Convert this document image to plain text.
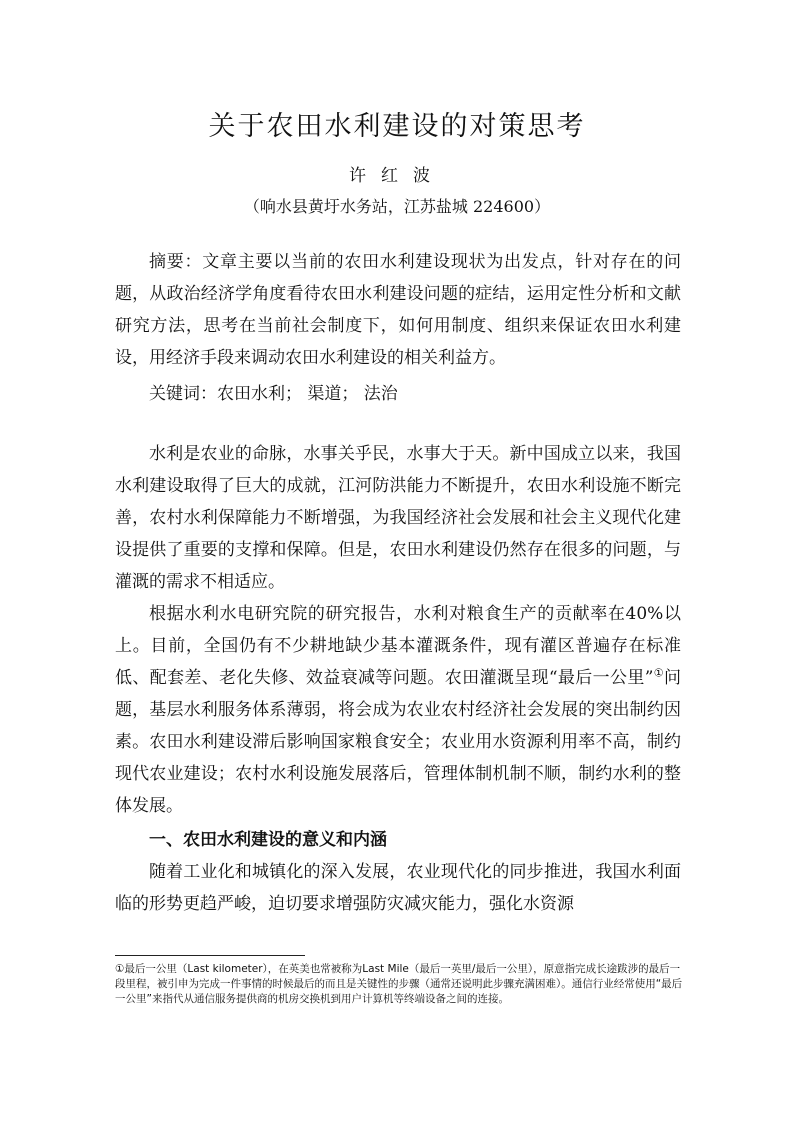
关于农田水利建设的对策思考
许红波
（响水县黄圩水务站，江苏盐城 224600）

摘要：文章主要以当前的农田水利建设现状为出发点，针对存在的问题，从政治经济学角度看待农田水利建设问题的症结，运用定性分析和文献研究方法，思考在当前社会制度下，如何用制度、组织来保证农田水利建设，用经济手段来调动农田水利建设的相关利益方。

关键词：农田水利； 渠道； 法治

水利是农业的命脉，水事关乎民，水事大于天。新中国成立以来，我国水利建设取得了巨大的成就，江河防洪能力不断提升，农田水利设施不断完善，农村水利保障能力不断增强，为我国经济社会发展和社会主义现代化建设提供了重要的支撑和保障。但是，农田水利建设仍然存在很多的问题，与灌溉的需求不相适应。

根据水利水电研究院的研究报告，水利对粮食生产的贡献率在40%以上。目前，全国仍有不少耕地缺少基本灌溉条件，现有灌区普遍存在标准低、配套差、老化失修、效益衰减等问题。农田灌溉呈现“最后一公里”①问题，基层水利服务体系薄弱，将会成为农业农村经济社会发展的突出制约因素。农田水利建设滞后影响国家粮食安全；农业用水资源利用率不高，制约现代农业建设；农村水利设施发展落后，管理体制机制不顺，制约水利的整体发展。

一、农田水利建设的意义和内涵

随着工业化和城镇化的深入发展，农业现代化的同步推进，我国水利面临的形势更趋严峻，迫切要求增强防灾减灾能力，强化水资源

①最后一公里（Last kilometer），在英美也常被称为Last Mile（最后一英里/最后一公里），原意指完成长途跋涉的最后一段里程，被引申为完成一件事情的时候最后的而且是关键性的步骤（通常还说明此步骤充满困难）。通信行业经常使用“最后一公里”来指代从通信服务提供商的机房交换机到用户计算机等终端设备之间的连接。
